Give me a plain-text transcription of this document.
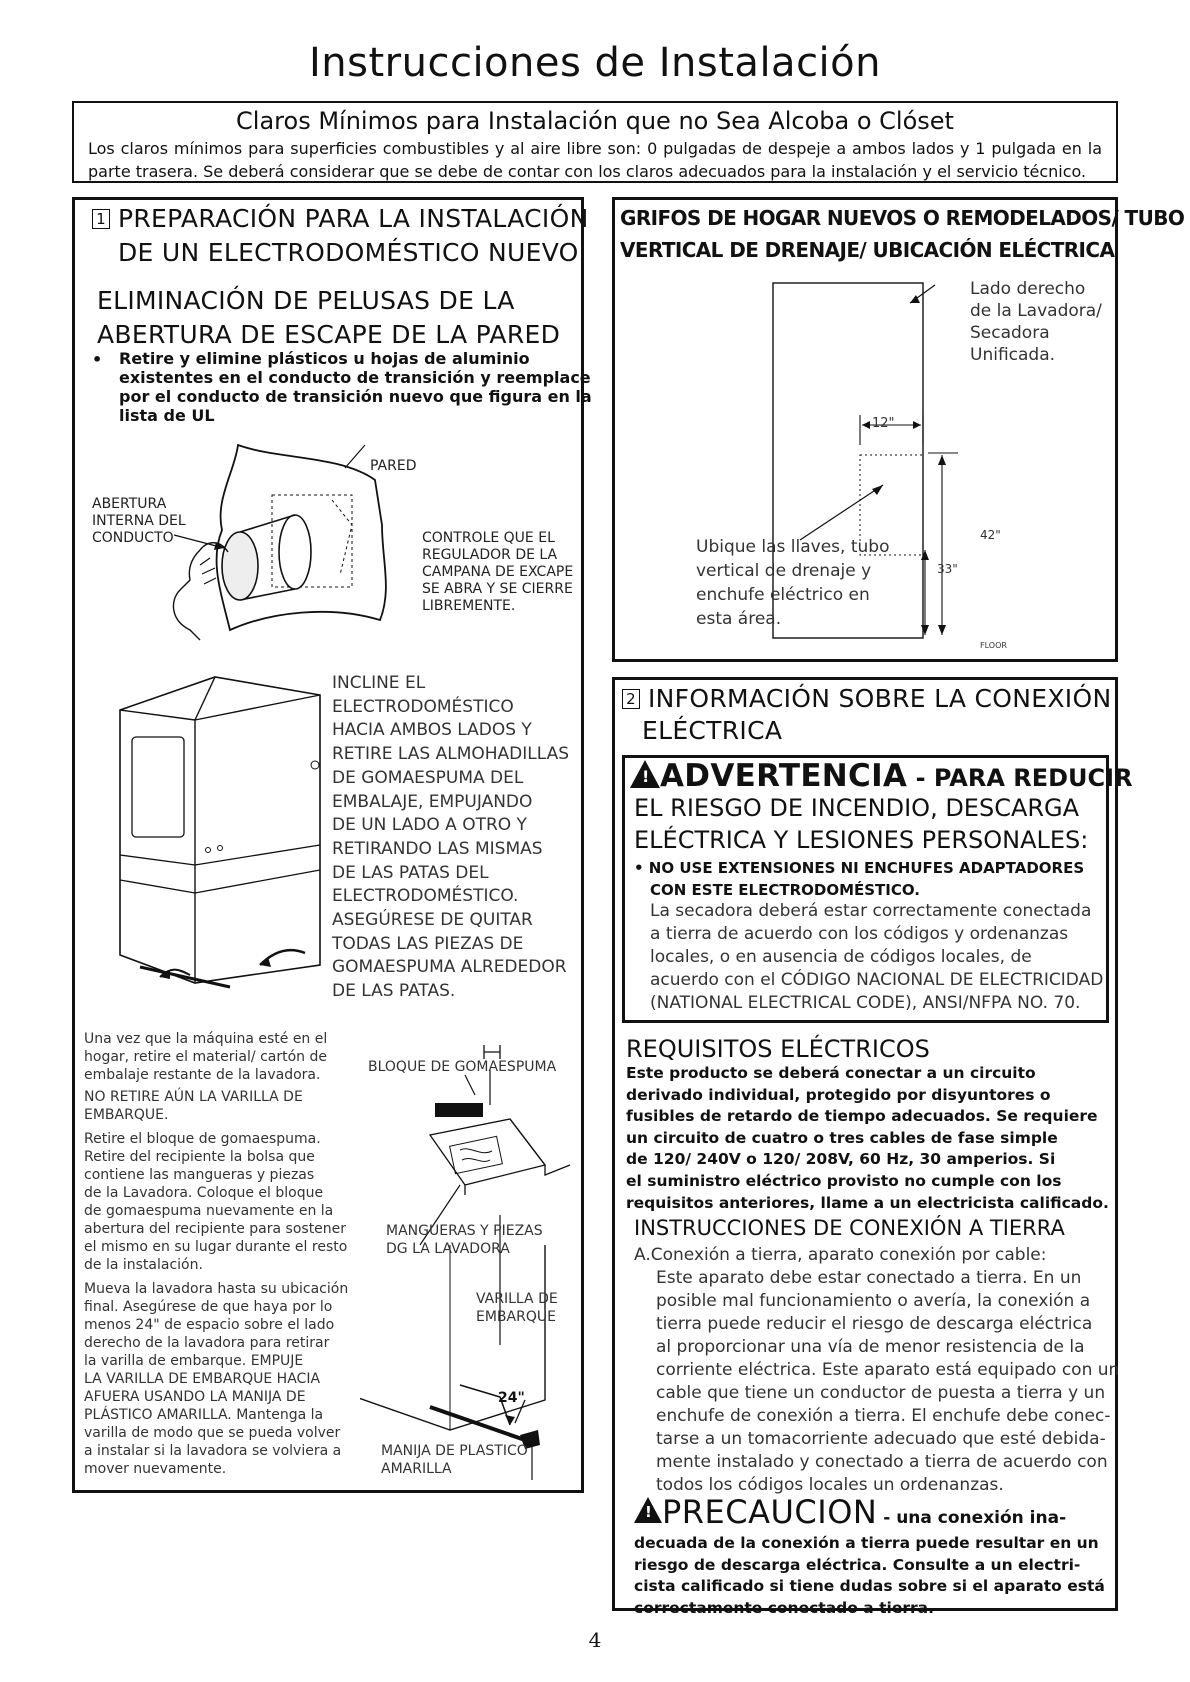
Instrucciones de Instalación
Claros Mínimos para Instalación que no Sea Alcoba o Clóset

Los claros mínimos para superficies combustibles y al aire libre son: 0 pulgadas de despeje a ambos lados y 1 pulgada en la parte trasera. Se deberá considerar que se debe de contar con los claros adecuados para la instalación y el servicio técnico.

1 PREPARACIÓN PARA LA INSTALACIÓN
DE UN ELECTRODOMÉSTICO NUEVO
ELIMINACIÓN DE PELUSAS DE LA
ABERTURA DE ESCAPE DE LA PARED
• Retire y elimine plásticos u hojas de aluminio
existentes en el conducto de transición y reemplace
por el conducto de transición nuevo que figura en la
lista de UL
PARED
ABERTURA
INTERNA DEL
CONDUCTO	CONTROLE QUE EL
REGULADOR DE LA
CAMPANA DE EXCAPE
SE ABRA Y SE CIERRE
LIBREMENTE.
INCLINE EL
ELECTRODOMÉSTICO
HACIA AMBOS LADOS Y
RETIRE LAS ALMOHADILLAS
DE GOMAESPUMA DEL
EMBALAJE, EMPUJANDO
DE UN LADO A OTRO Y
RETIRANDO LAS MISMAS
DE LAS PATAS DEL
ELECTRODOMÉSTICO.
ASEGÚRESE DE QUITAR
TODAS LAS PIEZAS DE
GOMAESPUMA ALREDEDOR
DE LAS PATAS.
Una vez que la máquina esté en el
hogar, retire el material/ cartón de
embalaje restante de la lavadora.
NO RETIRE AÚN LA VARILLA DE
EMBARQUE.
Retire el bloque de gomaespuma.
Retire del recipiente la bolsa que
contiene las mangueras y piezas
de la Lavadora. Coloque el bloque
de gomaespuma nuevamente en la
abertura del recipiente para sostener
el mismo en su lugar durante el resto
de la instalación.
Mueva la lavadora hasta su ubicación
final. Asegúrese de que haya por lo
menos 24" de espacio sobre el lado
derecho de la lavadora para retirar
la varilla de embarque. EMPUJE
LA VARILLA DE EMBARQUE HACIA
AFUERA USANDO LA MANIJA DE
PLÁSTICO AMARILLA. Mantenga la
varilla de modo que se pueda volver
a instalar si la lavadora se volviera a
mover nuevamente.
BLOQUE DE GOMAESPUMA
MANGUERAS Y PIEZAS
DG LA LAVADORA
VARILLA DE
EMBARQUE
24"
MANIJA DE PLASTICO
AMARILLA
GRIFOS DE HOGAR NUEVOS O REMODELADOS/ TUBO
VERTICAL DE DRENAJE/ UBICACIÓN ELÉCTRICA
Lado derecho
de la Lavadora/
Secadora
Unificada.
12"
Ubique las llaves, tubo
vertical de drenaje y
enchufe eléctrico en
esta área.
42"
33"
FLOOR
2 INFORMACIÓN SOBRE LA CONEXIÓN
ELÉCTRICA
! ADVERTENCIA - PARA REDUCIR
EL RIESGO DE INCENDIO, DESCARGA
ELÉCTRICA Y LESIONES PERSONALES:
• NO USE EXTENSIONES NI ENCHUFES ADAPTADORES
CON ESTE ELECTRODOMÉSTICO.
La secadora deberá estar correctamente conectada
a tierra de acuerdo con los códigos y ordenanzas
locales, o en ausencia de códigos locales, de
acuerdo con el CÓDIGO NACIONAL DE ELECTRICIDAD
(NATIONAL ELECTRICAL CODE), ANSI/NFPA NO. 70.
REQUISITOS ELÉCTRICOS
Este producto se deberá conectar a un circuito
derivado individual, protegido por disyuntores o
fusibles de retardo de tiempo adecuados. Se requiere
un circuito de cuatro o tres cables de fase simple
de 120/ 240V o 120/ 208V, 60 Hz, 30 amperios. Si
el suministro eléctrico provisto no cumple con los
requisitos anteriores, llame a un electricista calificado.
INSTRUCCIONES DE CONEXIÓN A TIERRA
A.Conexión a tierra, aparato conexión por cable:
Este aparato debe estar conectado a tierra. En un
posible mal funcionamiento o avería, la conexión a
tierra puede reducir el riesgo de descarga eléctrica
al proporcionar una vía de menor resistencia de la
corriente eléctrica. Este aparato está equipado con un
cable que tiene un conductor de puesta a tierra y un
enchufe de conexión a tierra. El enchufe debe conec-
tarse a un tomacorriente adecuado que esté debida-
mente instalado y conectado a tierra de acuerdo con
todos los códigos locales un ordenanzas.
! PRECAUCION - una conexión ina-
decuada de la conexión a tierra puede resultar en un
riesgo de descarga eléctrica. Consulte a un electri-
cista calificado si tiene dudas sobre si el aparato está
correctamente conectado a tierra.
4
